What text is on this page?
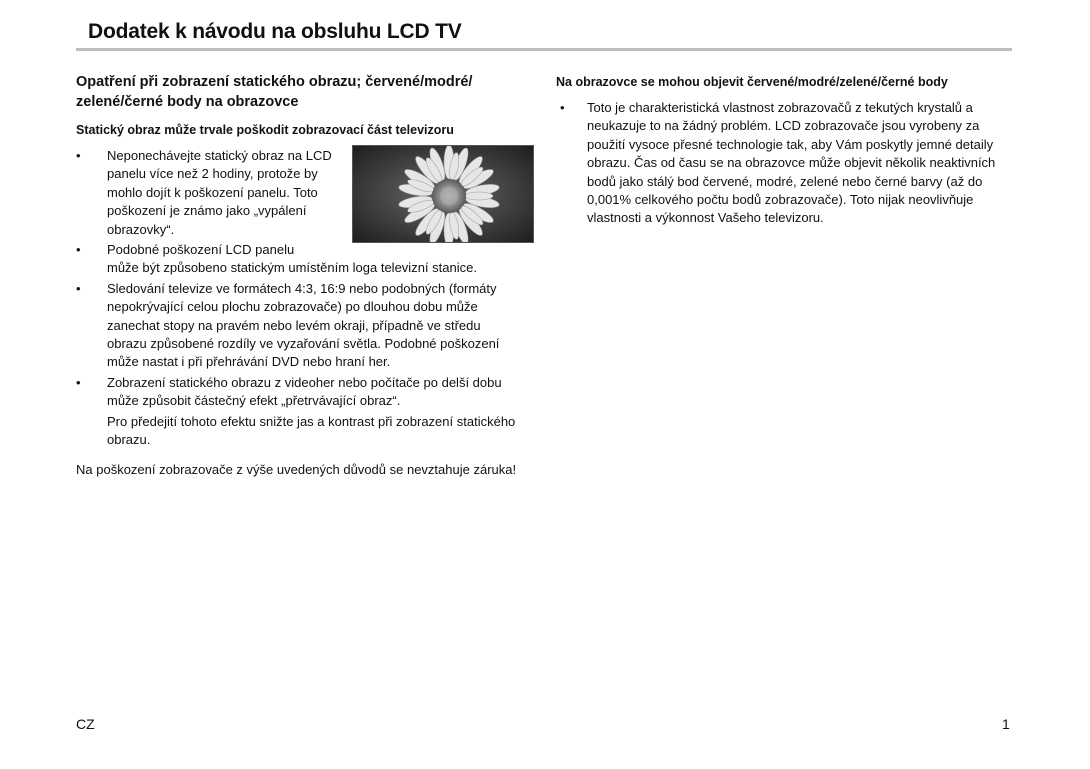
Dodatek k návodu na obsluhu LCD TV
Opatření při zobrazení statického obrazu; červené/modré/
zelené/černé body na obrazovce

Statický obraz může trvale poškodit zobrazovací část televizoru

• Neponechávejte statický obraz na LCD panelu více než 2 hodiny, protože by mohlo dojít k poškození panelu. Toto poškození je známo jako „vypálení obrazovky“.
• Podobné poškození LCD panelu
může být způsobeno statickým umístěním loga televizní stanice.
• Sledování televize ve formátech 4:3, 16:9 nebo podobných (formáty nepokrývající celou plochu zobrazovače) po dlouhou dobu může zanechat stopy na pravém nebo levém okraji, případně ve středu obrazu způsobené rozdíly ve vyzařování světla. Podobné poškození může nastat i při přehrávání DVD nebo hraní her.
• Zobrazení statického obrazu z videoher nebo počítače po delší dobu může způsobit částečný efekt „přetrvávající obraz“.
Pro předejití tohoto efektu snižte jas a kontrast při zobrazení statického obrazu.

Na poškození zobrazovače z výše uvedených důvodů se nevztahuje záruka!

Na obrazovce se mohou objevit červené/modré/zelené/černé body

• Toto je charakteristická vlastnost zobrazovačů z tekutých krystalů a neukazuje to na žádný problém. LCD zobrazovače jsou vyrobeny za použití vysoce přesné technologie tak, aby Vám poskytly jemné detaily obrazu. Čas od času se na obrazovce může objevit několik neaktivních bodů jako stálý bod červené, modré, zelené nebo černé barvy (až do 0,001% celkového počtu bodů zobrazovače). Toto nijak neovlivňuje vlastnosti a výkonnost Vašeho televizoru.
CZ	1
